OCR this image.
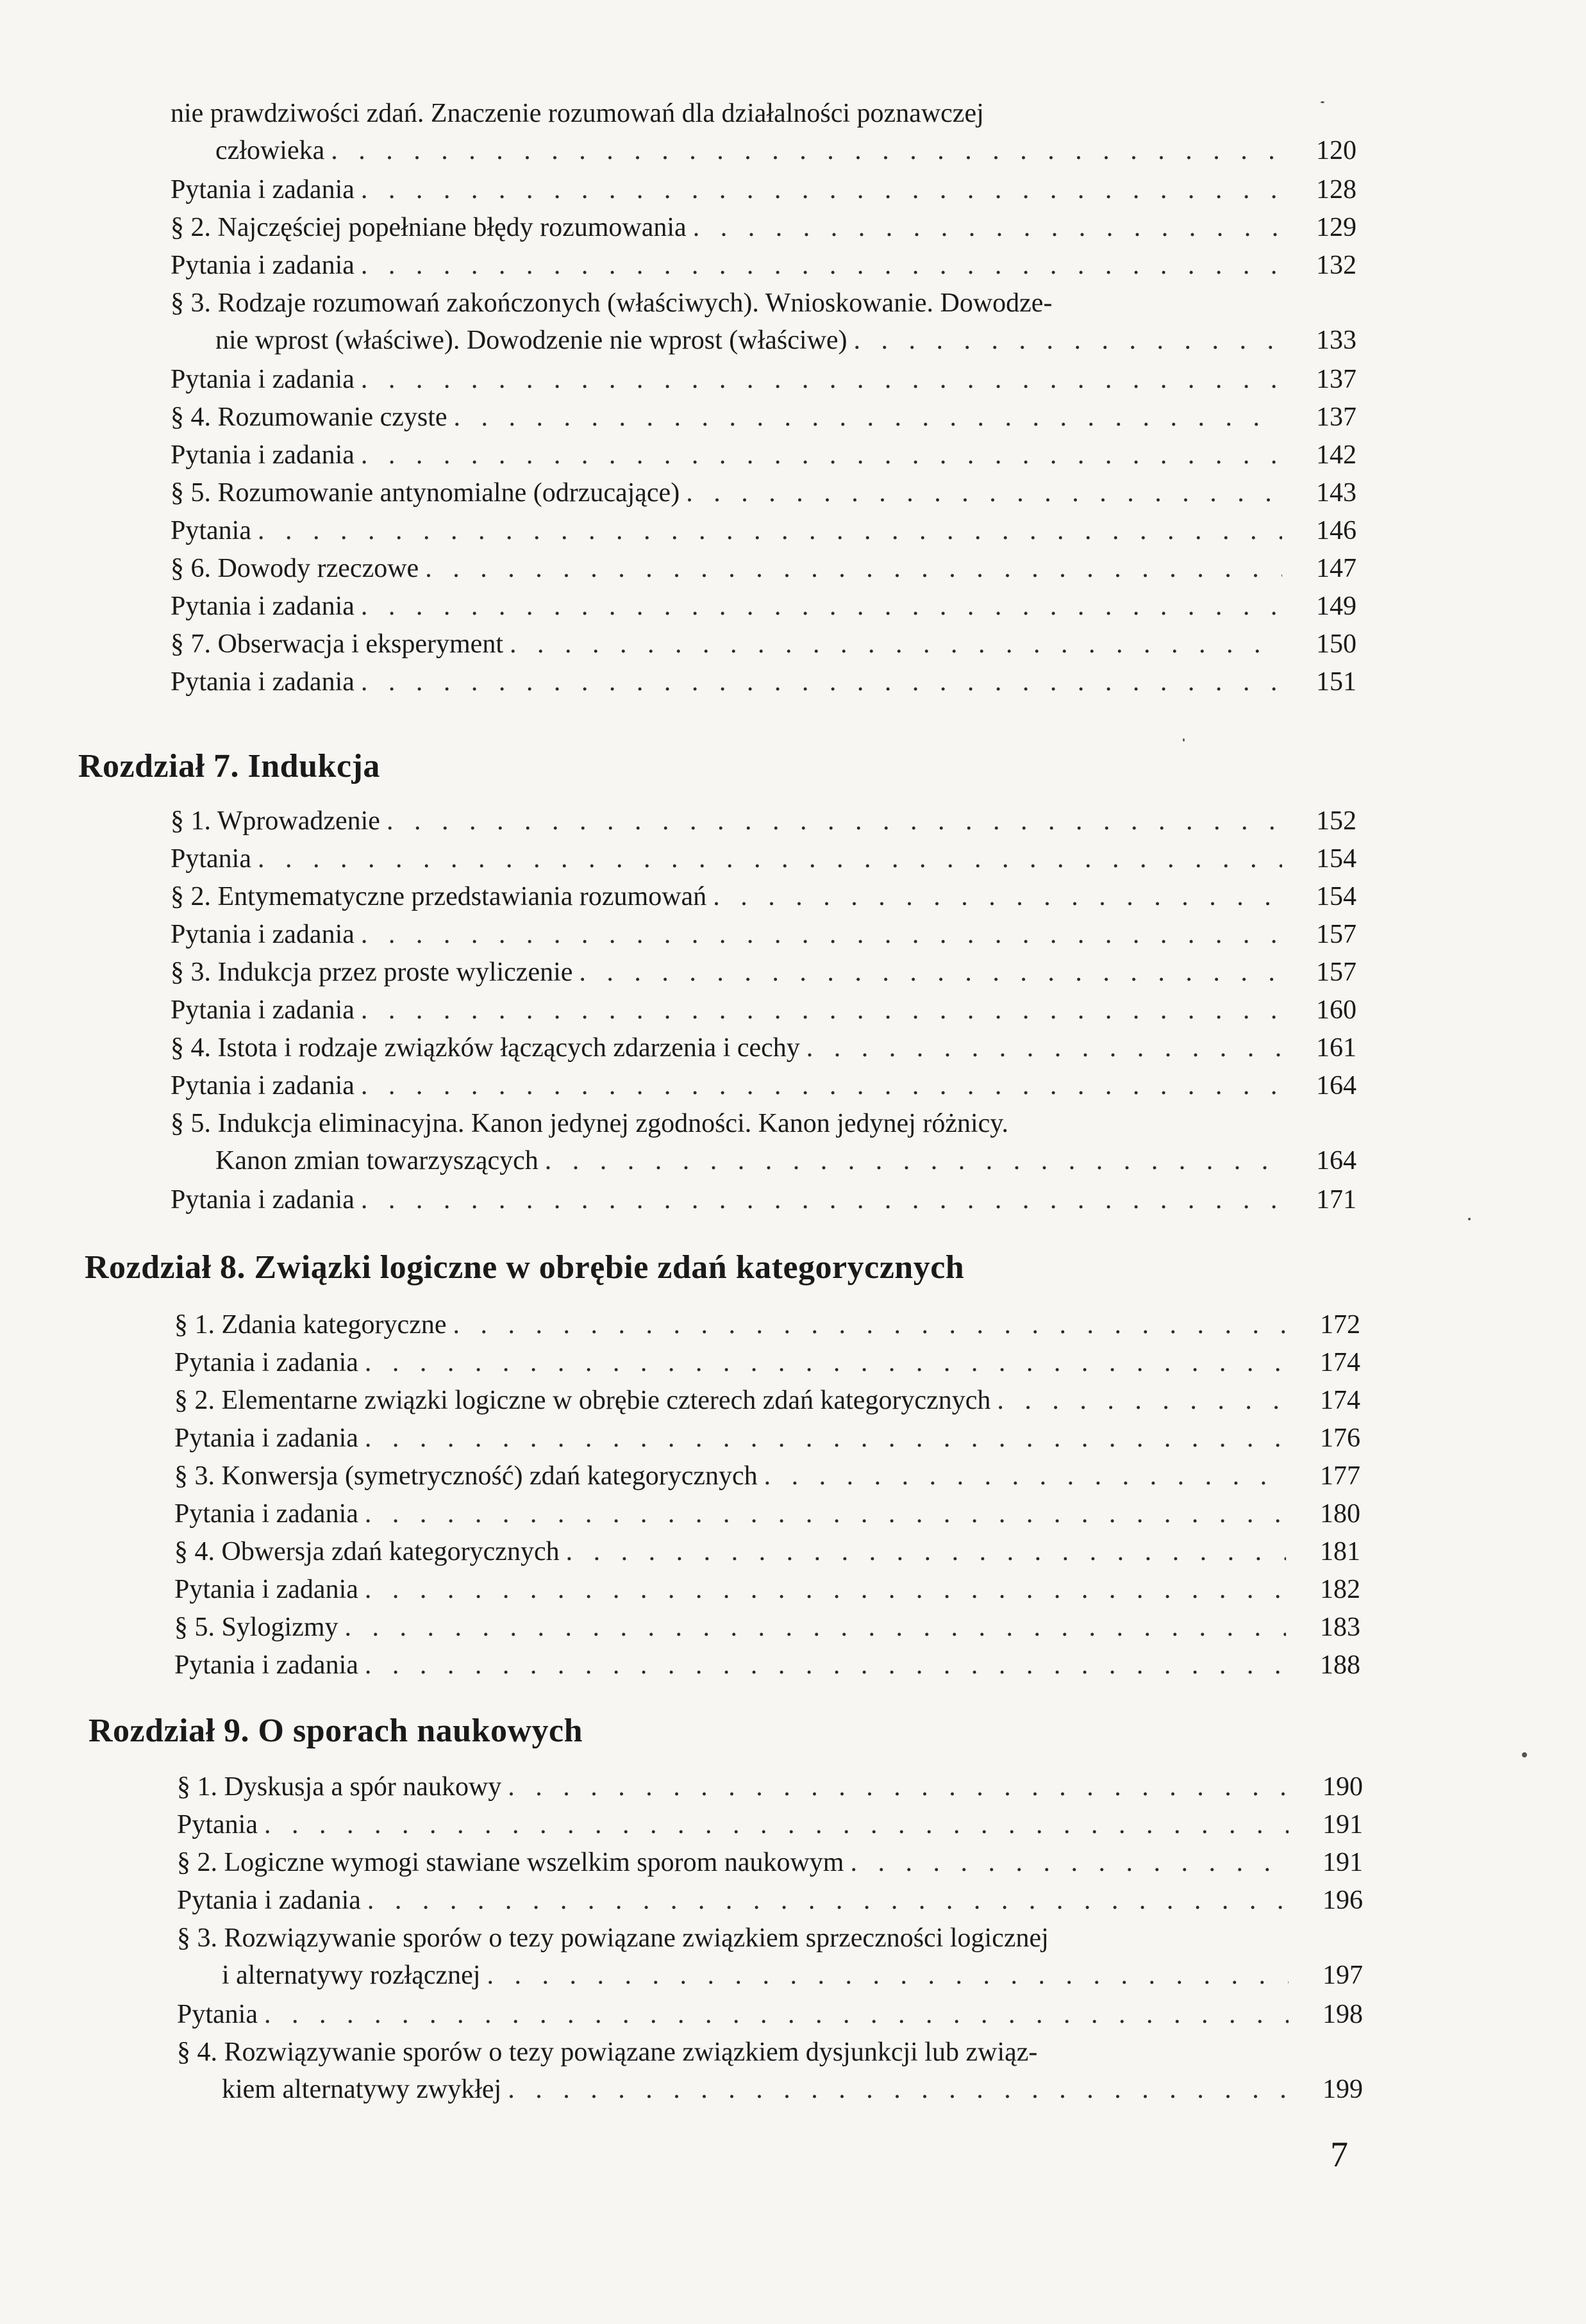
nie prawdziwości zdań. Znaczenie rozumowań dla działalności poznawczej
człowieka . . .	120
Pytania i zadania . . .	128
§ 2. Najczęściej popełniane błędy rozumowania . . .	129
Pytania i zadania . . .	132
§ 3. Rodzaje rozumowań zakończonych (właściwych). Wnioskowanie. Dowodze-
nie wprost (właściwe). Dowodzenie nie wprost (właściwe) . . .	133
Pytania i zadania . . .	137
§ 4. Rozumowanie czyste . . .	137
Pytania i zadania . . .	142
§ 5. Rozumowanie antynomialne (odrzucające) . . .	143
Pytania . . .	146
§ 6. Dowody rzeczowe . . .	147
Pytania i zadania . . .	149
§ 7. Obserwacja i eksperyment . . .	150
Pytania i zadania . . .	151
Rozdział 7. Indukcja
§ 1. Wprowadzenie . . .	152
Pytania . . .	154
§ 2. Entymematyczne przedstawiania rozumowań . . .	154
Pytania i zadania . . .	157
§ 3. Indukcja przez proste wyliczenie . . .	157
Pytania i zadania . . .	160
§ 4. Istota i rodzaje związków łączących zdarzenia i cechy . . .	161
Pytania i zadania . . .	164
§ 5. Indukcja eliminacyjna. Kanon jedynej zgodności. Kanon jedynej różnicy.
Kanon zmian towarzyszących . . .	164
Pytania i zadania . . .	171
Rozdział 8. Związki logiczne w obrębie zdań kategorycznych
§ 1. Zdania kategoryczne . . .	172
Pytania i zadania . . .	174
§ 2. Elementarne związki logiczne w obrębie czterech zdań kategorycznych . . .	174
Pytania i zadania . . .	176
§ 3. Konwersja (symetryczność) zdań kategorycznych . . .	177
Pytania i zadania . . .	180
§ 4. Obwersja zdań kategorycznych . . .	181
Pytania i zadania . . .	182
§ 5. Sylogizmy . . .	183
Pytania i zadania . . .	188
Rozdział 9. O sporach naukowych
§ 1. Dyskusja a spór naukowy . . .	190
Pytania . . .	191
§ 2. Logiczne wymogi stawiane wszelkim sporom naukowym . . .	191
Pytania i zadania . . .	196
§ 3. Rozwiązywanie sporów o tezy powiązane związkiem sprzeczności logicznej
i alternatywy rozłącznej . . .	197
Pytania . . .	198
§ 4. Rozwiązywanie sporów o tezy powiązane związkiem dysjunkcji lub związ-
kiem alternatywy zwykłej . . .	199
7
